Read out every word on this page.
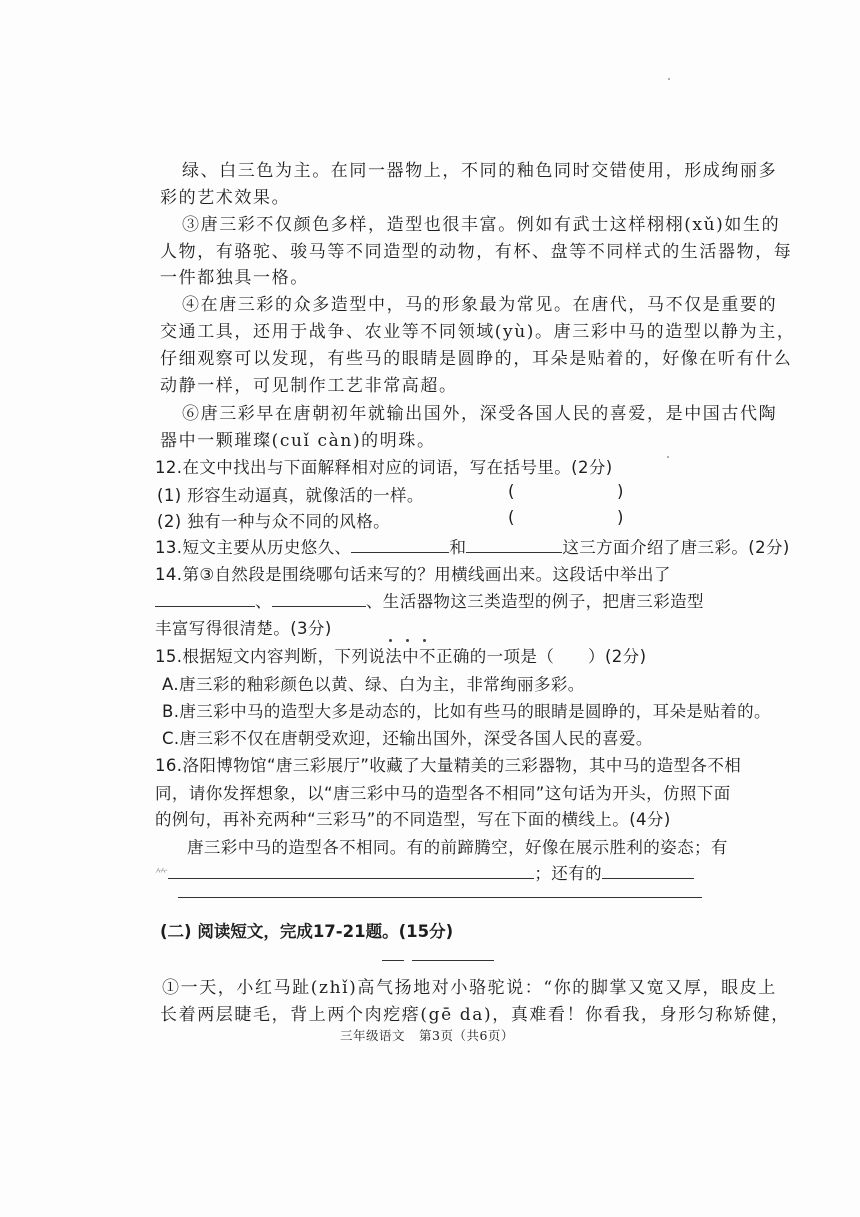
绿、白三色为主。在同一器物上，不同的釉色同时交错使用，形成绚丽多
彩的艺术效果。
③唐三彩不仅颜色多样，造型也很丰富。例如有武士这样栩栩(xǔ)如生的
人物，有骆驼、骏马等不同造型的动物，有杯、盘等不同样式的生活器物，每
一件都独具一格。
④在唐三彩的众多造型中，马的形象最为常见。在唐代，马不仅是重要的
交通工具，还用于战争、农业等不同领域(yù)。唐三彩中马的造型以静为主，
仔细观察可以发现，有些马的眼睛是圆睁的，耳朵是贴着的，好像在听有什么
动静一样，可见制作工艺非常高超。
⑥唐三彩早在唐朝初年就输出国外，深受各国人民的喜爱，是中国古代陶
器中一颗璀璨(cuǐ càn)的明珠。
12.在文中找出与下面解释相对应的词语，写在括号里。(2分)
(1) 形容生动逼真，就像活的一样。	(	)
(2) 独有一种与众不同的风格。	(	)
13.短文主要从历史悠久、	和	这三方面介绍了唐三彩。(2分)
14.第③自然段是围绕哪句话来写的？用横线画出来。这段话中举出了
、	、生活器物这三类造型的例子，把唐三彩造型
丰富写得很清楚。(3分)
15.根据短文内容判断，下列说法中不正确的一项是（　　）(2分)
A.唐三彩的釉彩颜色以黄、绿、白为主，非常绚丽多彩。
B.唐三彩中马的造型大多是动态的，比如有些马的眼睛是圆睁的，耳朵是贴着的。
C.唐三彩不仅在唐朝受欢迎，还输出国外，深受各国人民的喜爱。
16.洛阳博物馆“唐三彩展厅”收藏了大量精美的三彩器物，其中马的造型各不相
同，请你发挥想象，以“唐三彩中马的造型各不相同”这句话为开头，仿照下面
的例句，再补充两种“三彩马”的不同造型，写在下面的横线上。(4分)
唐三彩中马的造型各不相同。有的前蹄腾空，好像在展示胜利的姿态；有
⺮	；还有的
(二) 阅读短文，完成17-21题。(15分)
①一天，小红马趾(zhǐ)高气扬地对小骆驼说：“你的脚掌又宽又厚，眼皮上
长着两层睫毛，背上两个肉疙瘩(gē da)，真难看！你看我，身形匀称矫健，
三年级语文 第3页（共6页）
